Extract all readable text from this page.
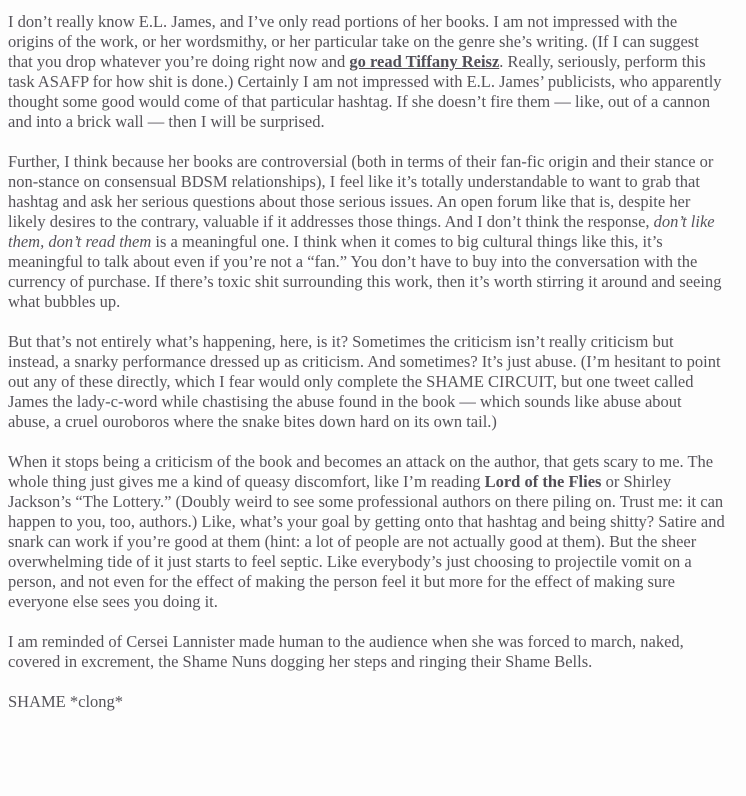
I don’t really know E.L. James, and I’ve only read portions of her books. I am not impressed with the origins of the work, or her wordsmithy, or her particular take on the genre she’s writing. (If I can suggest that you drop whatever you’re doing right now and go read Tiffany Reisz. Really, seriously, perform this task ASAFP for how shit is done.) Certainly I am not impressed with E.L. James’ publicists, who apparently thought some good would come of that particular hashtag. If she doesn’t fire them — like, out of a cannon and into a brick wall — then I will be surprised.

Further, I think because her books are controversial (both in terms of their fan-fic origin and their stance or non-stance on consensual BDSM relationships), I feel like it’s totally understandable to want to grab that hashtag and ask her serious questions about those serious issues. An open forum like that is, despite her likely desires to the contrary, valuable if it addresses those things. And I don’t think the response, don’t like them, don’t read them is a meaningful one. I think when it comes to big cultural things like this, it’s meaningful to talk about even if you’re not a “fan.” You don’t have to buy into the conversation with the currency of purchase. If there’s toxic shit surrounding this work, then it’s worth stirring it around and seeing what bubbles up.

But that’s not entirely what’s happening, here, is it? Sometimes the criticism isn’t really criticism but instead, a snarky performance dressed up as criticism. And sometimes? It’s just abuse. (I’m hesitant to point out any of these directly, which I fear would only complete the SHAME CIRCUIT, but one tweet called James the lady-c-word while chastising the abuse found in the book — which sounds like abuse about abuse, a cruel ouroboros where the snake bites down hard on its own tail.)

When it stops being a criticism of the book and becomes an attack on the author, that gets scary to me. The whole thing just gives me a kind of queasy discomfort, like I’m reading Lord of the Flies or Shirley Jackson’s “The Lottery.” (Doubly weird to see some professional authors on there piling on. Trust me: it can happen to you, too, authors.) Like, what’s your goal by getting onto that hashtag and being shitty? Satire and snark can work if you’re good at them (hint: a lot of people are not actually good at them). But the sheer overwhelming tide of it just starts to feel septic. Like everybody’s just choosing to projectile vomit on a person, and not even for the effect of making the person feel it but more for the effect of making sure everyone else sees you doing it.

I am reminded of Cersei Lannister made human to the audience when she was forced to march, naked, covered in excrement, the Shame Nuns dogging her steps and ringing their Shame Bells.

SHAME *clong*
